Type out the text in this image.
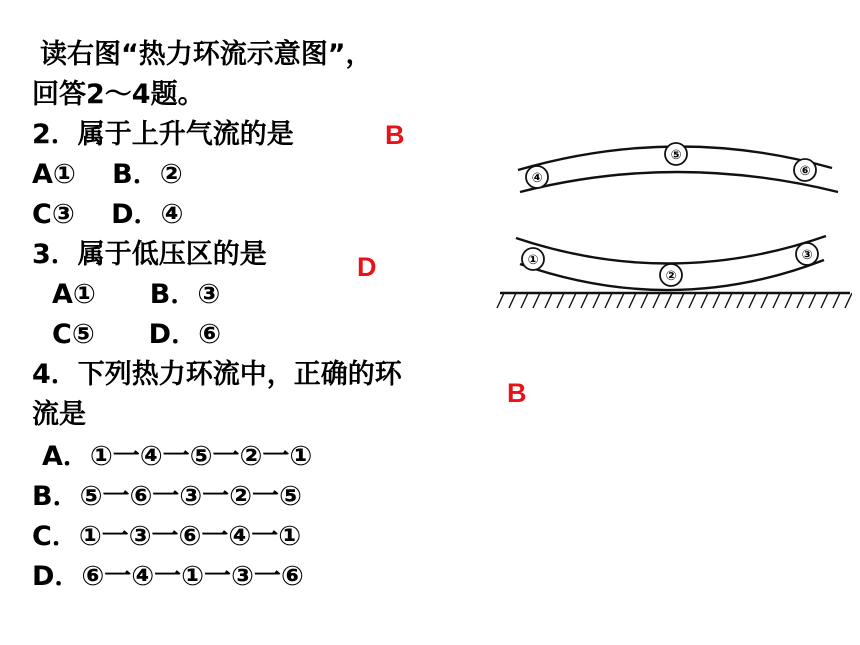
读右图“热力环流示意图”，
回答2～4题。
2．属于上升气流的是
A①　 B．②
C③　 D．④
B
3．属于低压区的是
A①　　B．③
C⑤　　D．⑥
D
4．下列热力环流中，正确的环
流是
A．①一④一⑤一②一①
B．⑤一⑥一③一②一⑤
C．①一③一⑥一④一①
D．⑥一④一①一③一⑥
B
①
②
③
④
⑤
⑥
